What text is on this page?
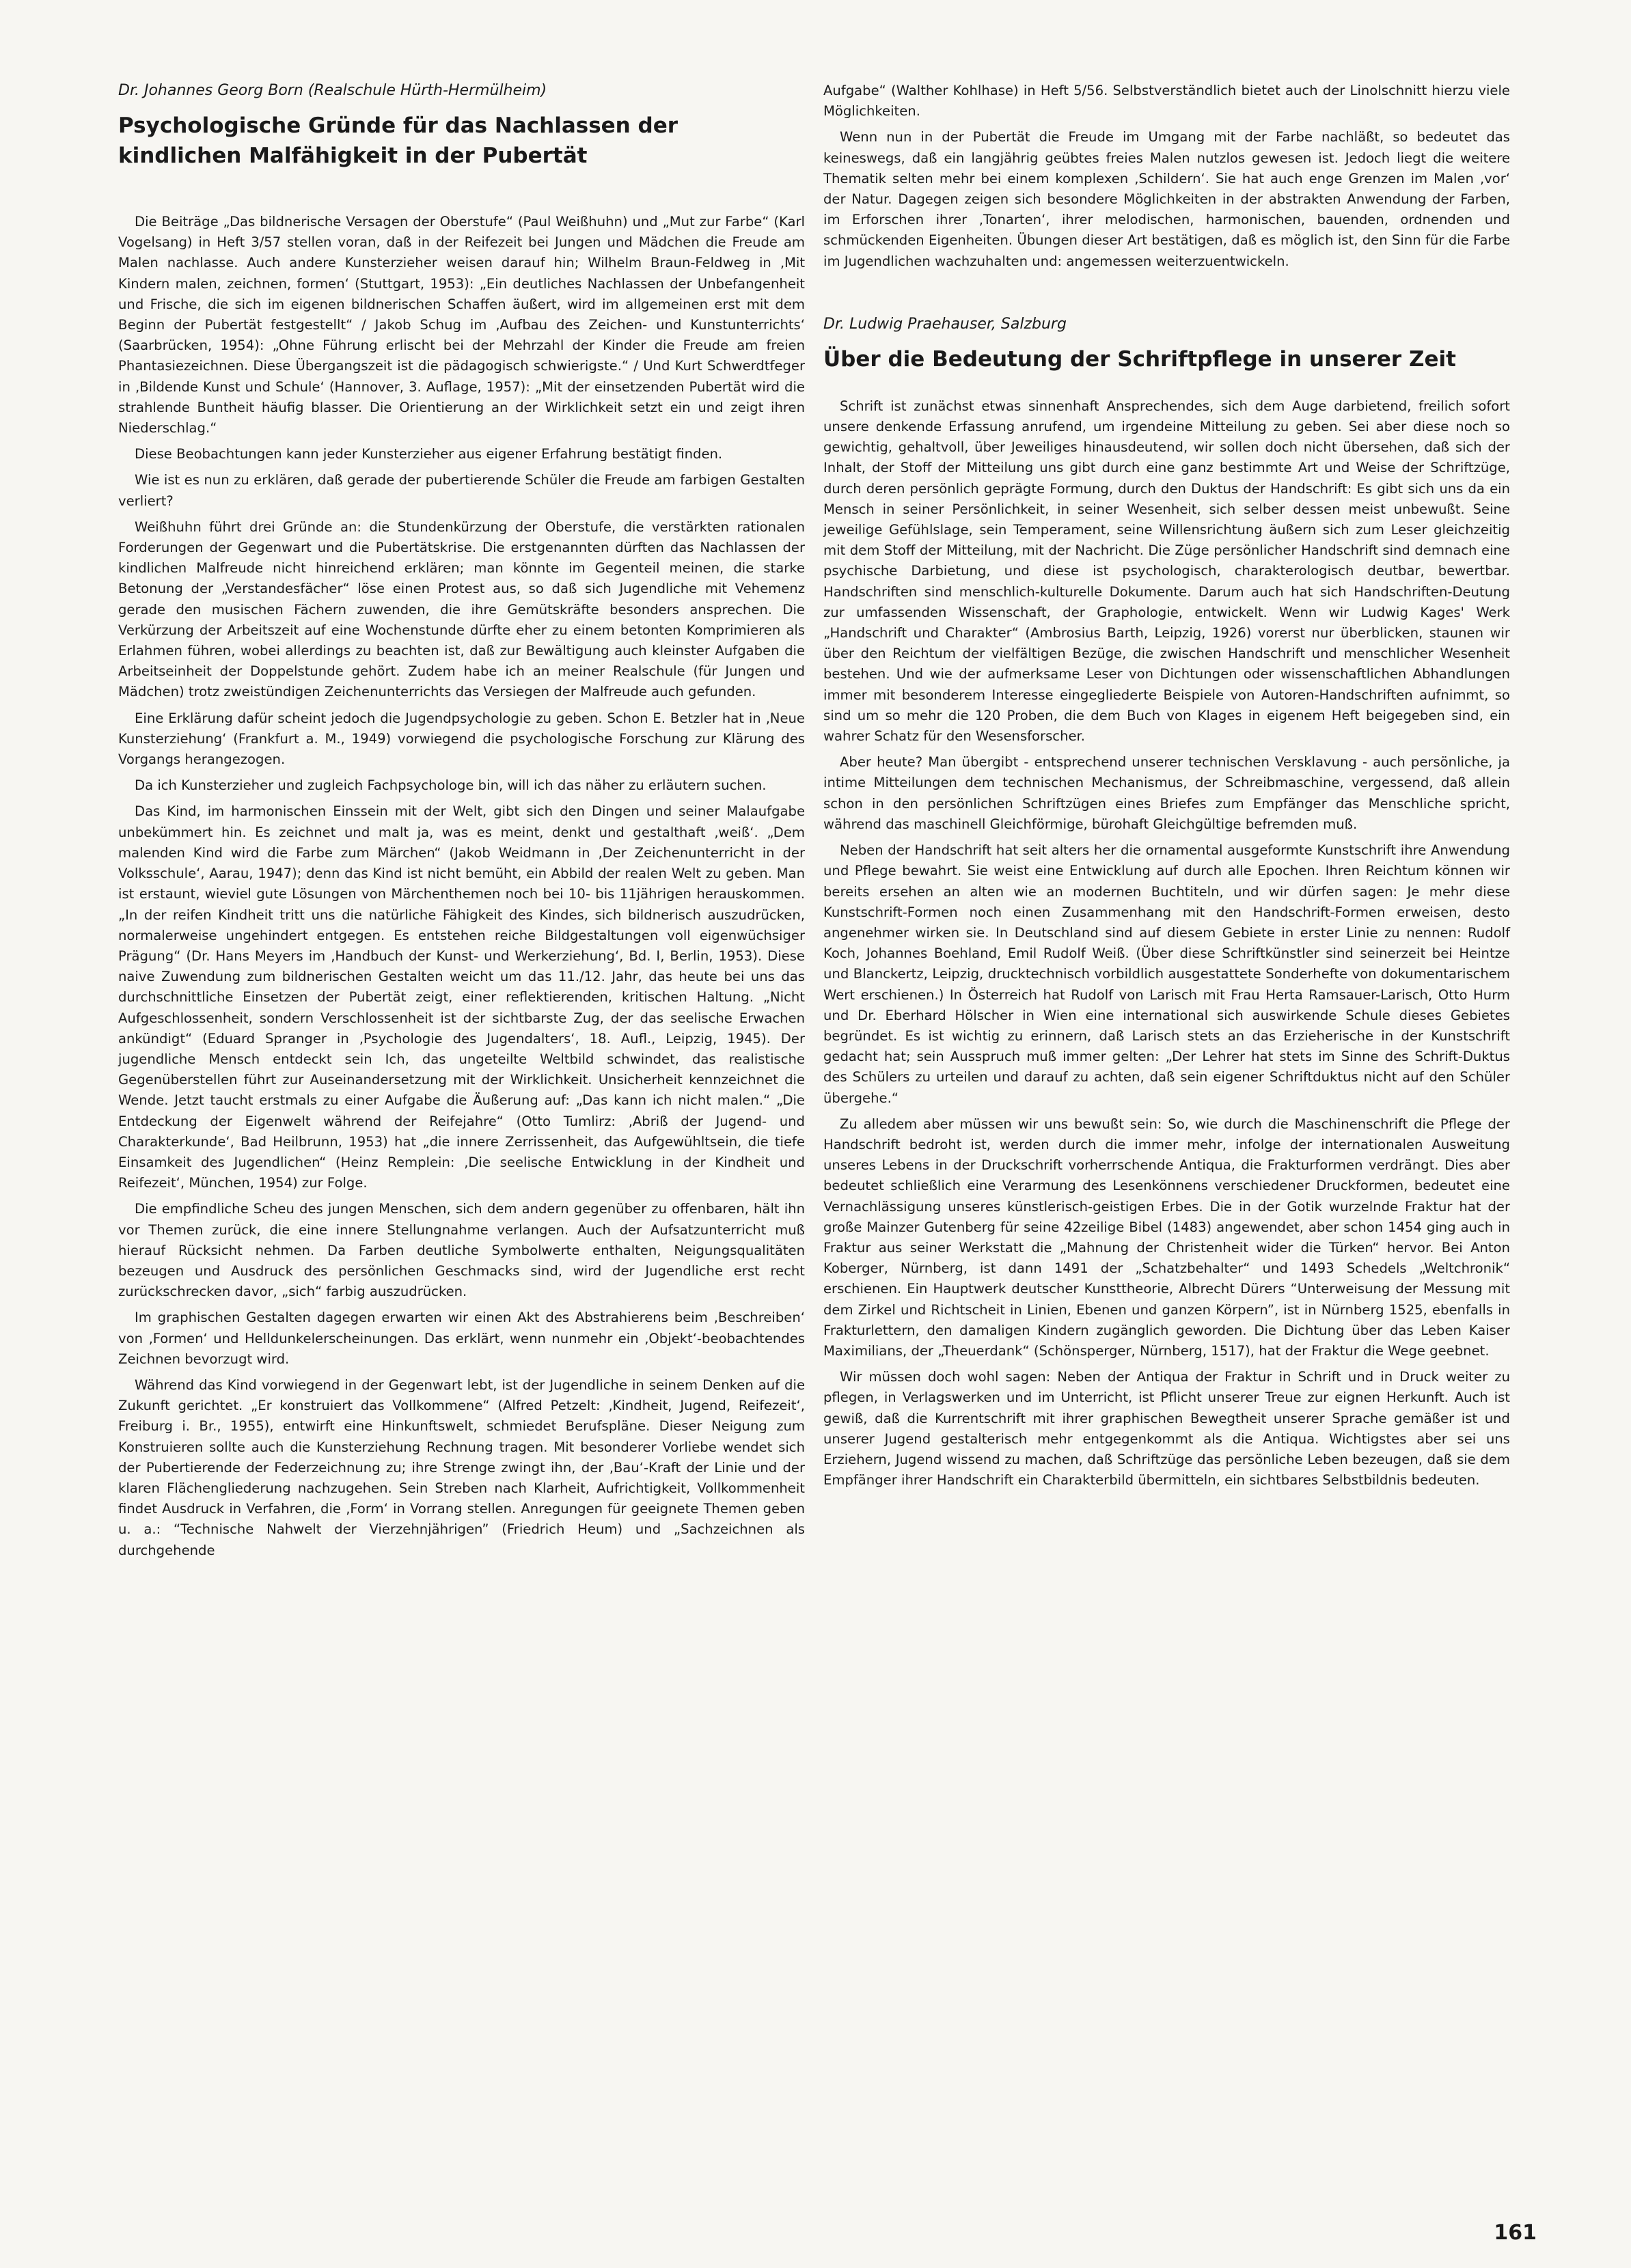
Dr. Johannes Georg Born (Realschule Hürth-Hermülheim)

Psychologische Gründe für das Nachlassen der kindlichen Malfähigkeit in der Pubertät

Die Beiträge „Das bildnerische Versagen der Oberstufe“ (Paul Weißhuhn) und „Mut zur Farbe“ (Karl Vogelsang) in Heft 3/57 stellen voran, daß in der Reifezeit bei Jungen und Mädchen die Freude am Malen nachlasse. Auch andere Kunsterzieher weisen darauf hin; Wilhelm Braun-Feldweg in ‚Mit Kindern malen, zeichnen, formen‘ (Stuttgart, 1953): „Ein deutliches Nachlassen der Unbefangenheit und Frische, die sich im eigenen bildnerischen Schaffen äußert, wird im allgemeinen erst mit dem Beginn der Pubertät festgestellt“ / Jakob Schug im ‚Aufbau des Zeichen- und Kunstunterrichts‘ (Saarbrücken, 1954): „Ohne Führung erlischt bei der Mehrzahl der Kinder die Freude am freien Phantasiezeichnen. Diese Übergangszeit ist die pädagogisch schwierigste.“ / Und Kurt Schwerdtfeger in ‚Bildende Kunst und Schule‘ (Hannover, 3. Auflage, 1957): „Mit der einsetzenden Pubertät wird die strahlende Buntheit häufig blasser. Die Orientierung an der Wirklichkeit setzt ein und zeigt ihren Niederschlag.“

Diese Beobachtungen kann jeder Kunsterzieher aus eigener Erfahrung bestätigt finden.

Wie ist es nun zu erklären, daß gerade der pubertierende Schüler die Freude am farbigen Gestalten verliert?

Weißhuhn führt drei Gründe an: die Stundenkürzung der Oberstufe, die verstärkten rationalen Forderungen der Gegenwart und die Pubertätskrise. Die erstgenannten dürften das Nachlassen der kindlichen Malfreude nicht hinreichend erklären; man könnte im Gegenteil meinen, die starke Betonung der „Verstandesfächer“ löse einen Protest aus, so daß sich Jugendliche mit Vehemenz gerade den musischen Fächern zuwenden, die ihre Gemütskräfte besonders ansprechen. Die Verkürzung der Arbeitszeit auf eine Wochenstunde dürfte eher zu einem betonten Komprimieren als Erlahmen führen, wobei allerdings zu beachten ist, daß zur Bewältigung auch kleinster Aufgaben die Arbeitseinheit der Doppelstunde gehört. Zudem habe ich an meiner Realschule (für Jungen und Mädchen) trotz zweistündigen Zeichenunterrichts das Versiegen der Malfreude auch gefunden.

Eine Erklärung dafür scheint jedoch die Jugendpsychologie zu geben. Schon E. Betzler hat in ‚Neue Kunsterziehung‘ (Frankfurt a. M., 1949) vorwiegend die psychologische Forschung zur Klärung des Vorgangs herangezogen.

Da ich Kunsterzieher und zugleich Fachpsychologe bin, will ich das näher zu erläutern suchen.

Das Kind, im harmonischen Einssein mit der Welt, gibt sich den Dingen und seiner Malaufgabe unbekümmert hin. Es zeichnet und malt ja, was es meint, denkt und gestalthaft ‚weiß‘. „Dem malenden Kind wird die Farbe zum Märchen“ (Jakob Weidmann in ‚Der Zeichenunterricht in der Volksschule‘, Aarau, 1947); denn das Kind ist nicht bemüht, ein Abbild der realen Welt zu geben. Man ist erstaunt, wieviel gute Lösungen von Märchenthemen noch bei 10- bis 11jährigen herauskommen. „In der reifen Kindheit tritt uns die natürliche Fähigkeit des Kindes, sich bildnerisch auszudrücken, normalerweise ungehindert entgegen. Es entstehen reiche Bildgestaltungen voll eigenwüchsiger Prägung“ (Dr. Hans Meyers im ‚Handbuch der Kunst- und Werkerziehung‘, Bd. I, Berlin, 1953). Diese naive Zuwendung zum bildnerischen Gestalten weicht um das 11./12. Jahr, das heute bei uns das durchschnittliche Einsetzen der Pubertät zeigt, einer reflektierenden, kritischen Haltung. „Nicht Aufgeschlossenheit, sondern Verschlossenheit ist der sichtbarste Zug, der das seelische Erwachen ankündigt“ (Eduard Spranger in ‚Psychologie des Jugendalters‘, 18. Aufl., Leipzig, 1945). Der jugendliche Mensch entdeckt sein Ich, das ungeteilte Weltbild schwindet, das realistische Gegenüberstellen führt zur Auseinandersetzung mit der Wirklichkeit. Unsicherheit kennzeichnet die Wende. Jetzt taucht erstmals zu einer Aufgabe die Äußerung auf: „Das kann ich nicht malen.“ „Die Entdeckung der Eigenwelt während der Reifejahre“ (Otto Tumlirz: ‚Abriß der Jugend- und Charakterkunde‘, Bad Heilbrunn, 1953) hat „die innere Zerrissenheit, das Aufgewühltsein, die tiefe Einsamkeit des Jugendlichen“ (Heinz Remplein: ‚Die seelische Entwicklung in der Kindheit und Reifezeit‘, München, 1954) zur Folge.

Die empfindliche Scheu des jungen Menschen, sich dem andern gegenüber zu offenbaren, hält ihn vor Themen zurück, die eine innere Stellungnahme verlangen. Auch der Aufsatzunterricht muß hierauf Rücksicht nehmen. Da Farben deutliche Symbolwerte enthalten, Neigungsqualitäten bezeugen und Ausdruck des persönlichen Geschmacks sind, wird der Jugendliche erst recht zurückschrecken davor, „sich“ farbig auszudrücken.

Im graphischen Gestalten dagegen erwarten wir einen Akt des Abstrahierens beim ‚Beschreiben‘ von ‚Formen‘ und Helldunkelerscheinungen. Das erklärt, wenn nunmehr ein ‚Objekt‘-beobachtendes Zeichnen bevorzugt wird.

Während das Kind vorwiegend in der Gegenwart lebt, ist der Jugendliche in seinem Denken auf die Zukunft gerichtet. „Er konstruiert das Vollkommene“ (Alfred Petzelt: ‚Kindheit, Jugend, Reifezeit‘, Freiburg i. Br., 1955), entwirft eine Hinkunftswelt, schmiedet Berufspläne. Dieser Neigung zum Konstruieren sollte auch die Kunsterziehung Rechnung tragen. Mit besonderer Vorliebe wendet sich der Pubertierende der Federzeichnung zu; ihre Strenge zwingt ihn, der ‚Bau‘-Kraft der Linie und der klaren Flächengliederung nachzugehen. Sein Streben nach Klarheit, Aufrichtigkeit, Vollkommenheit findet Ausdruck in Verfahren, die ‚Form‘ in Vorrang stellen. Anregungen für geeignete Themen geben u. a.: “Technische Nahwelt der Vierzehnjährigen” (Friedrich Heum) und „Sachzeichnen als durchgehende

Aufgabe“ (Walther Kohlhase) in Heft 5/56. Selbstverständlich bietet auch der Linolschnitt hierzu viele Möglichkeiten.

Wenn nun in der Pubertät die Freude im Umgang mit der Farbe nachläßt, so bedeutet das keineswegs, daß ein langjährig geübtes freies Malen nutzlos gewesen ist. Jedoch liegt die weitere Thematik selten mehr bei einem komplexen ‚Schildern‘. Sie hat auch enge Grenzen im Malen ‚vor‘ der Natur. Dagegen zeigen sich besondere Möglichkeiten in der abstrakten Anwendung der Farben, im Erforschen ihrer ‚Tonarten‘, ihrer melodischen, harmonischen, bauenden, ordnenden und schmückenden Eigenheiten. Übungen dieser Art bestätigen, daß es möglich ist, den Sinn für die Farbe im Jugendlichen wachzuhalten und: angemessen weiterzuentwickeln.

Dr. Ludwig Praehauser, Salzburg

Über die Bedeutung der Schriftpflege in unserer Zeit

Schrift ist zunächst etwas sinnenhaft Ansprechendes, sich dem Auge darbietend, freilich sofort unsere denkende Erfassung anrufend, um irgendeine Mitteilung zu geben. Sei aber diese noch so gewichtig, gehaltvoll, über Jeweiliges hinausdeutend, wir sollen doch nicht übersehen, daß sich der Inhalt, der Stoff der Mitteilung uns gibt durch eine ganz bestimmte Art und Weise der Schriftzüge, durch deren persönlich geprägte Formung, durch den Duktus der Handschrift: Es gibt sich uns da ein Mensch in seiner Persönlichkeit, in seiner Wesenheit, sich selber dessen meist unbewußt. Seine jeweilige Gefühlslage, sein Temperament, seine Willensrichtung äußern sich zum Leser gleichzeitig mit dem Stoff der Mitteilung, mit der Nachricht. Die Züge persönlicher Handschrift sind demnach eine psychische Darbietung, und diese ist psychologisch, charakterologisch deutbar, bewertbar. Handschriften sind menschlich-kulturelle Dokumente. Darum auch hat sich Handschriften-Deutung zur umfassenden Wissenschaft, der Graphologie, entwickelt. Wenn wir Ludwig Kages' Werk „Handschrift und Charakter“ (Ambrosius Barth, Leipzig, 1926) vorerst nur überblicken, staunen wir über den Reichtum der vielfältigen Bezüge, die zwischen Handschrift und menschlicher Wesenheit bestehen. Und wie der aufmerksame Leser von Dichtungen oder wissenschaftlichen Abhandlungen immer mit besonderem Interesse eingegliederte Beispiele von Autoren-Handschriften aufnimmt, so sind um so mehr die 120 Proben, die dem Buch von Klages in eigenem Heft beigegeben sind, ein wahrer Schatz für den Wesensforscher.

Aber heute? Man übergibt - entsprechend unserer technischen Versklavung - auch persönliche, ja intime Mitteilungen dem technischen Mechanismus, der Schreibmaschine, vergessend, daß allein schon in den persönlichen Schriftzügen eines Briefes zum Empfänger das Menschliche spricht, während das maschinell Gleichförmige, bürohaft Gleichgültige befremden muß.

Neben der Handschrift hat seit alters her die ornamental ausgeformte Kunstschrift ihre Anwendung und Pflege bewahrt. Sie weist eine Entwicklung auf durch alle Epochen. Ihren Reichtum können wir bereits ersehen an alten wie an modernen Buchtiteln, und wir dürfen sagen: Je mehr diese Kunstschrift-Formen noch einen Zusammenhang mit den Handschrift-Formen erweisen, desto angenehmer wirken sie. In Deutschland sind auf diesem Gebiete in erster Linie zu nennen: Rudolf Koch, Johannes Boehland, Emil Rudolf Weiß. (Über diese Schriftkünstler sind seinerzeit bei Heintze und Blanckertz, Leipzig, drucktechnisch vorbildlich ausgestattete Sonderhefte von dokumentarischem Wert erschienen.) In Österreich hat Rudolf von Larisch mit Frau Herta Ramsauer-Larisch, Otto Hurm und Dr. Eberhard Hölscher in Wien eine international sich auswirkende Schule dieses Gebietes begründet. Es ist wichtig zu erinnern, daß Larisch stets an das Erzieherische in der Kunstschrift gedacht hat; sein Ausspruch muß immer gelten: „Der Lehrer hat stets im Sinne des Schrift-Duktus des Schülers zu urteilen und darauf zu achten, daß sein eigener Schriftduktus nicht auf den Schüler übergehe.“

Zu alledem aber müssen wir uns bewußt sein: So, wie durch die Maschinenschrift die Pflege der Handschrift bedroht ist, werden durch die immer mehr, infolge der internationalen Ausweitung unseres Lebens in der Druckschrift vorherrschende Antiqua, die Frakturformen verdrängt. Dies aber bedeutet schließlich eine Verarmung des Lesenkönnens verschiedener Druckformen, bedeutet eine Vernachlässigung unseres künstlerisch-geistigen Erbes. Die in der Gotik wurzelnde Fraktur hat der große Mainzer Gutenberg für seine 42zeilige Bibel (1483) angewendet, aber schon 1454 ging auch in Fraktur aus seiner Werkstatt die „Mahnung der Christenheit wider die Türken“ hervor. Bei Anton Koberger, Nürnberg, ist dann 1491 der „Schatzbehalter“ und 1493 Schedels „Weltchronik“ erschienen. Ein Hauptwerk deutscher Kunsttheorie, Albrecht Dürers “Unterweisung der Messung mit dem Zirkel und Richtscheit in Linien, Ebenen und ganzen Körpern”, ist in Nürnberg 1525, ebenfalls in Frakturlettern, den damaligen Kindern zugänglich geworden. Die Dichtung über das Leben Kaiser Maximilians, der „Theuerdank“ (Schönsperger, Nürnberg, 1517), hat der Fraktur die Wege geebnet.

Wir müssen doch wohl sagen: Neben der Antiqua der Fraktur in Schrift und in Druck weiter zu pflegen, in Verlagswerken und im Unterricht, ist Pflicht unserer Treue zur eignen Herkunft. Auch ist gewiß, daß die Kurrentschrift mit ihrer graphischen Bewegtheit unserer Sprache gemäßer ist und unserer Jugend gestalterisch mehr entgegenkommt als die Antiqua. Wichtigstes aber sei uns Erziehern, Jugend wissend zu machen, daß Schriftzüge das persönliche Leben bezeugen, daß sie dem Empfänger ihrer Handschrift ein Charakterbild übermitteln, ein sichtbares Selbstbildnis bedeuten.

161
